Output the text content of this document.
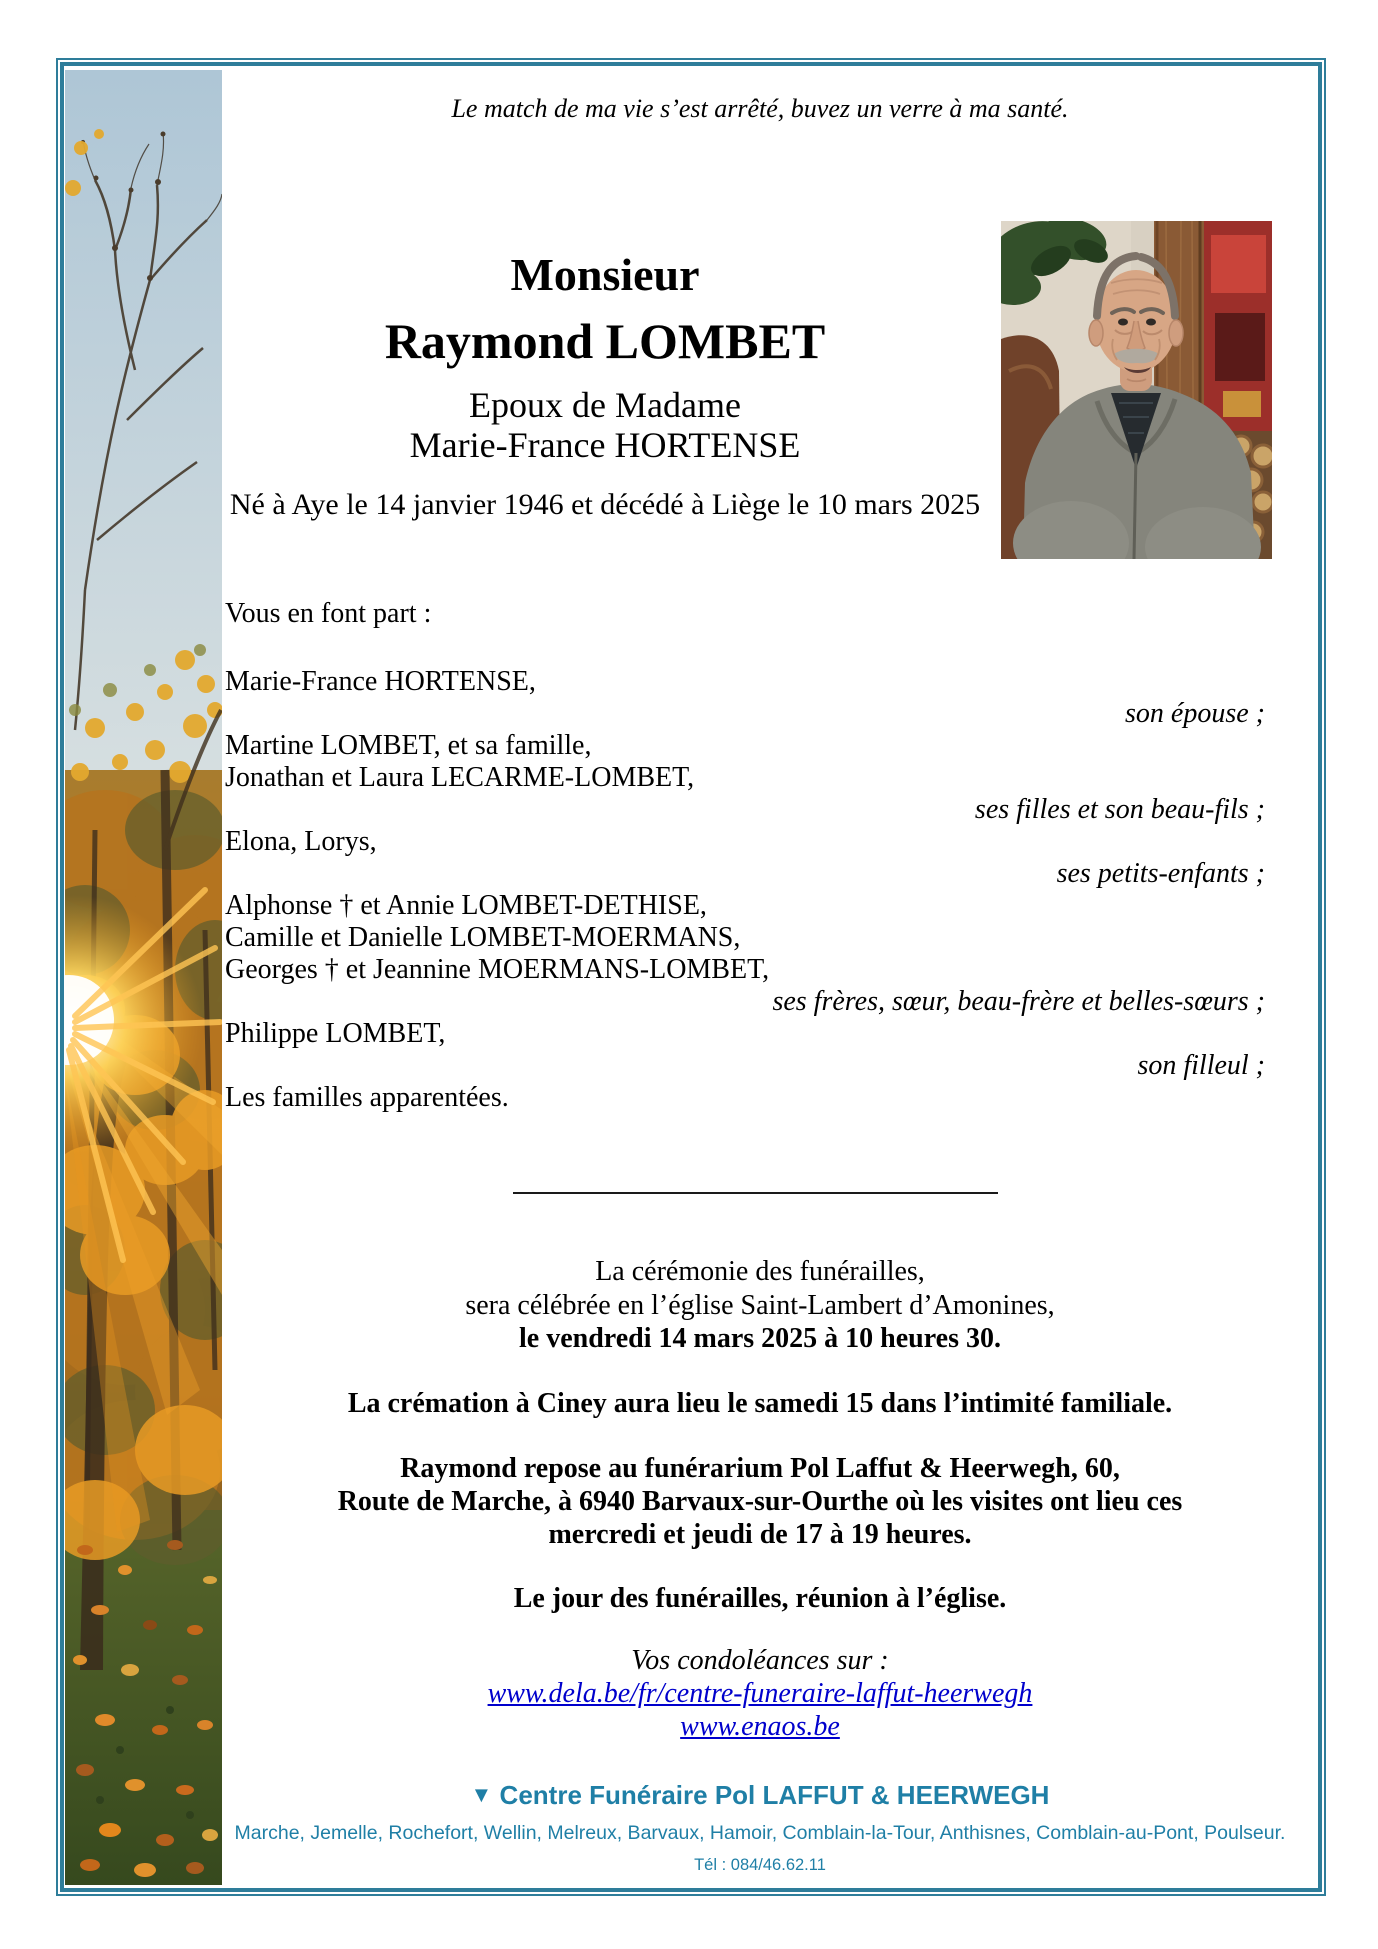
Le match de ma vie s’est arrêté, buvez un verre à ma santé.
Monsieur
Raymond LOMBET
Epoux de Madame
Marie-France HORTENSE
Né à Aye le 14 janvier 1946 et décédé à Liège le 10 mars 2025
Vous en font part :
Marie-France HORTENSE,
son épouse ;
Martine LOMBET, et sa famille,
Jonathan et Laura LECARME-LOMBET,
ses filles et son beau-fils ;
Elona, Lorys,
ses petits-enfants ;
Alphonse † et Annie LOMBET-DETHISE,
Camille et Danielle LOMBET-MOERMANS,
Georges † et Jeannine MOERMANS-LOMBET,
ses frères, sœur, beau-frère et belles-sœurs ;
Philippe LOMBET,
son filleul ;
Les familles apparentées.
La cérémonie des funérailles,
sera célébrée en l’église Saint-Lambert d’Amonines,
le vendredi 14 mars 2025 à 10 heures 30.
La crémation à Ciney aura lieu le samedi 15 dans l’intimité familiale.
Raymond repose au funérarium Pol Laffut & Heerwegh, 60,
Route de Marche, à 6940 Barvaux-sur-Ourthe où les visites ont lieu ces
mercredi et jeudi de 17 à 19 heures.
Le jour des funérailles, réunion à l’église.
Vos condoléances sur :
www.dela.be/fr/centre-funeraire-laffut-heerwegh
www.enaos.be
▼ Centre Funéraire Pol LAFFUT & HEERWEGH
Marche, Jemelle, Rochefort, Wellin, Melreux, Barvaux, Hamoir, Comblain-la-Tour, Anthisnes, Comblain-au-Pont, Poulseur.
Tél : 084/46.62.11
